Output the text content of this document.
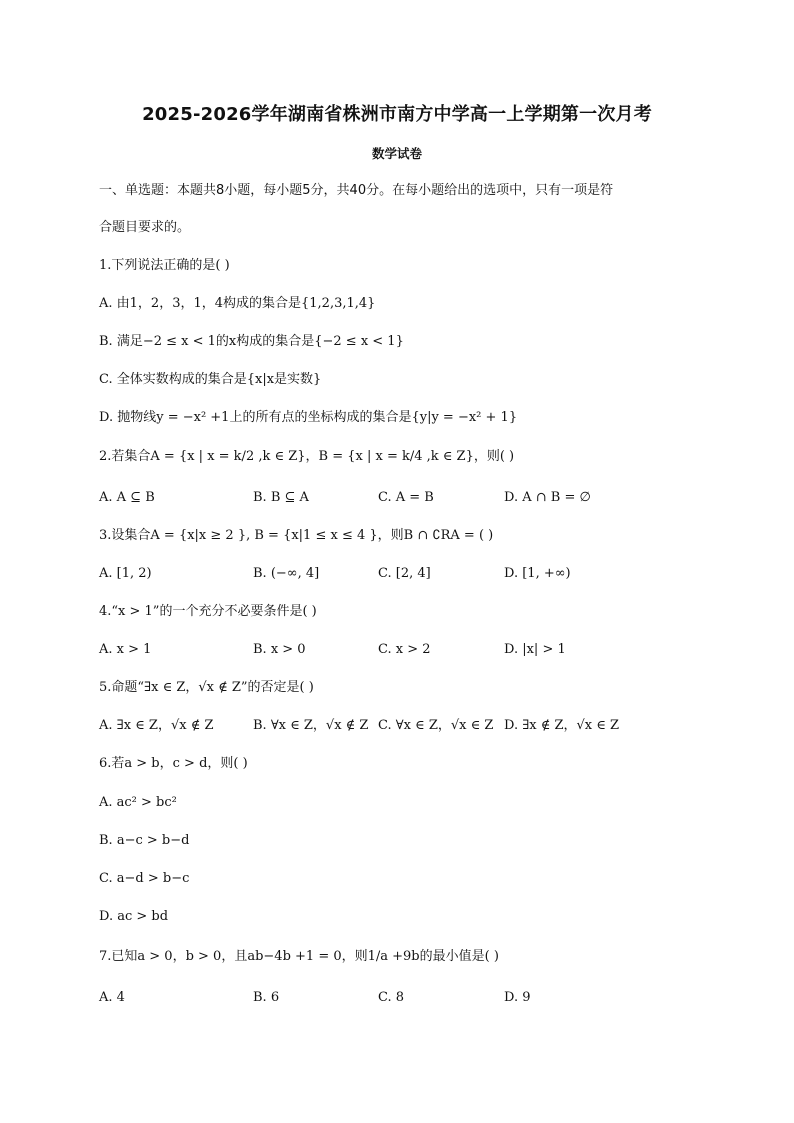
2025-2026学年湖南省株洲市南方中学高一上学期第一次月考
数学试卷
一、单选题：本题共8小题，每小题5分，共40分。在每小题给出的选项中，只有一项是符
合题目要求的。
1.下列说法正确的是( )
A. 由1，2，3，1，4构成的集合是{1,2,3,1,4}
B. 满足−2 ≤ x < 1的x构成的集合是{−2 ≤ x < 1}
C. 全体实数构成的集合是{x|x是实数}
D. 抛物线y = −x² +1上的所有点的坐标构成的集合是{y|y = −x² + 1}
2.若集合A = {x | x = k/2 ,k ∈ Z}，B = {x | x = k/4 ,k ∈ Z}，则( )
A. A ⊆ B	B. B ⊆ A	C. A = B	D. A ∩ B = ∅
3.设集合A = {x|x ≥ 2 }, B = {x|1 ≤ x ≤ 4 }，则B ∩ ∁RA = ( )
A. [1, 2)	B. (−∞, 4]	C. [2, 4]	D. [1, +∞)
4.“x > 1”的一个充分不必要条件是( )
A. x > 1	B. x > 0	C. x > 2	D. |x| > 1
5.命题“∃x ∈ Z，√x ∉ Z”的否定是( )
A. ∃x ∈ Z，√x ∉ Z	B. ∀x ∈ Z，√x ∉ Z C. ∀x ∈ Z，√x ∈ Z D. ∃x ∉ Z，√x ∈ Z
6.若a > b，c > d，则( )
A. ac² > bc²
B. a−c > b−d
C. a−d > b−c
D. ac > bd
7.已知a > 0，b > 0，且ab−4b +1 = 0，则1/a +9b的最小值是( )
A. 4	B. 6	C. 8	D. 9
